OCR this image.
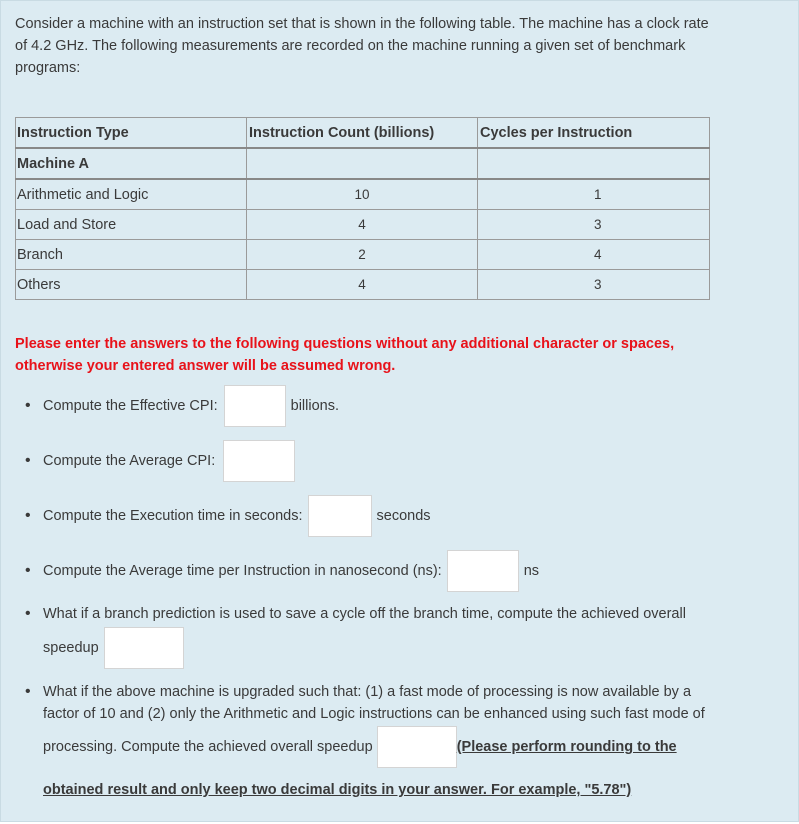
Consider a machine with an instruction set that is shown in the following table. The machine has a clock rate
of 4.2 GHz. The following measurements are recorded on the machine running a given set of benchmark
programs:
Instruction Type	Instruction Count (billions)	Cycles per Instruction
Machine A		
Arithmetic and Logic	10	1
Load and Store	4	3
Branch	2	4
Others	4	3
Please enter the answers to the following questions without any additional character or spaces,
otherwise your entered answer will be assumed wrong.
• Compute the Effective CPI:	billions.
• Compute the Average CPI:
• Compute the Execution time in seconds:	seconds
• Compute the Average time per Instruction in nanosecond (ns):	ns
• What if a branch prediction is used to save a cycle off the branch time, compute the achieved overall
speedup
• What if the above machine is upgraded such that: (1) a fast mode of processing is now available by a
factor of 10 and (2) only the Arithmetic and Logic instructions can be enhanced using such fast mode of
processing. Compute the achieved overall speedup	(Please perform rounding to the
obtained result and only keep two decimal digits in your answer. For example, "5.78")
